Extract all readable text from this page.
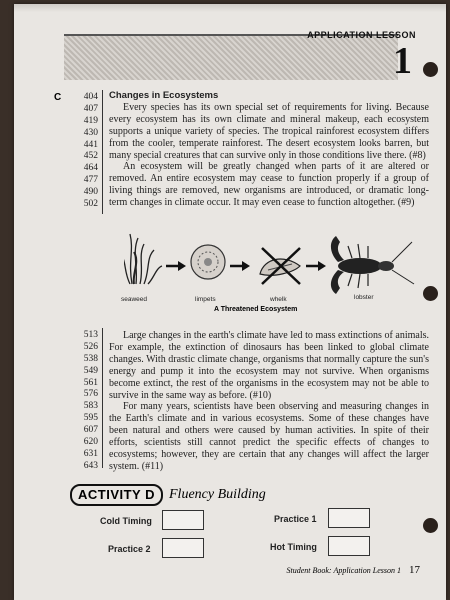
APPLICATION LESSON
1
C	404
407
419
430
441
452
464
477
490
502
Changes in Ecosystems

Every species has its own special set of requirements for living. Because every ecosystem has its own climate and mineral makeup, each ecosystem supports a unique variety of species. The tropical rainforest ecosystem differs from the cooler, temperate rainforest. The desert ecosystem looks barren, but many special creatures that can survive only in those conditions live there. (#8)

An ecosystem will be greatly changed when parts of it are altered or removed. An entire ecosystem may cease to function properly if a group of living things are removed, new organisms are introduced, or dramatic long-term changes in climate occur. It may even cease to function altogether. (#9)

seaweed	limpets	whelk	lobster
A Threatened Ecosystem
513
526
538
549
561
576
583
595
607
620
631
643

Large changes in the earth's climate have led to mass extinctions of animals. For example, the extinction of dinosaurs has been linked to global climate changes. With drastic climate change, organisms that normally capture the sun's energy and pump it into the ecosystem may not survive. When organisms become extinct, the rest of the organisms in the ecosystem may not be able to survive in the same way as before. (#10)

For many years, scientists have been observing and measuring changes in the Earth's climate and in various ecosystems. Some of these changes have been natural and others were caused by human activities. In spite of their efforts, scientists still cannot predict the specific effects of changes to ecosystems; however, they are certain that any changes will affect the larger system. (#11)

ACTIVITY D	Fluency Building
Cold Timing	Practice 1
Practice 2	Hot Timing
Student Book: Application Lesson 1 17
